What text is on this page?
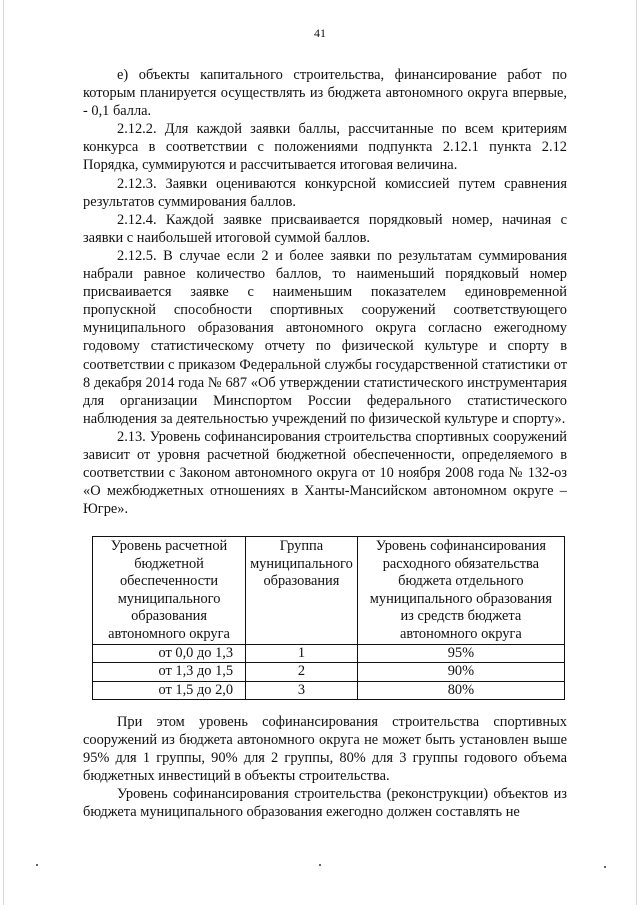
41

е) объекты капитального строительства, финансирование работ по которым планируется осуществлять из бюджета автономного округа впервые, - 0,1 балла.

2.12.2. Для каждой заявки баллы, рассчитанные по всем критериям конкурса в соответствии с положениями подпункта 2.12.1 пункта 2.12 Порядка, суммируются и рассчитывается итоговая величина.

2.12.3. Заявки оцениваются конкурсной комиссией путем сравнения результатов суммирования баллов.

2.12.4. Каждой заявке присваивается порядковый номер, начиная с заявки с наибольшей итоговой суммой баллов.

2.12.5. В случае если 2 и более заявки по результатам суммирования набрали равное количество баллов, то наименьший порядковый номер присваивается заявке с наименьшим показателем единовременной пропускной способности спортивных сооружений соответствующего муниципального образования автономного округа согласно ежегодному годовому статистическому отчету по физической культуре и спорту в соответствии с приказом Федеральной службы государственной статистики от 8 декабря 2014 года № 687 «Об утверждении статистического инструментария для организации Минспортом России федерального статистического наблюдения за деятельностью учреждений по физической культуре и спорту».

2.13. Уровень софинансирования строительства спортивных сооружений зависит от уровня расчетной бюджетной обеспеченности, определяемого в соответствии с Законом автономного округа от 10 ноября 2008 года № 132-оз «О межбюджетных отношениях в Ханты-Мансийском автономном округе – Югре».

Уровень расчетной бюджетной обеспеченности муниципального образования автономного округа	Группа муниципального образования	Уровень софинансирования расходного обязательства бюджета отдельного муниципального образования из средств бюджета автономного округа
от 0,0 до 1,3	1	95%
от 1,3 до 1,5	2	90%
от 1,5 до 2,0	3	80%

При этом уровень софинансирования строительства спортивных сооружений из бюджета автономного округа не может быть установлен выше 95% для 1 группы, 90% для 2 группы, 80% для 3 группы годового объема бюджетных инвестиций в объекты строительства.

Уровень софинансирования строительства (реконструкции) объектов из бюджета муниципального образования ежегодно должен составлять не
